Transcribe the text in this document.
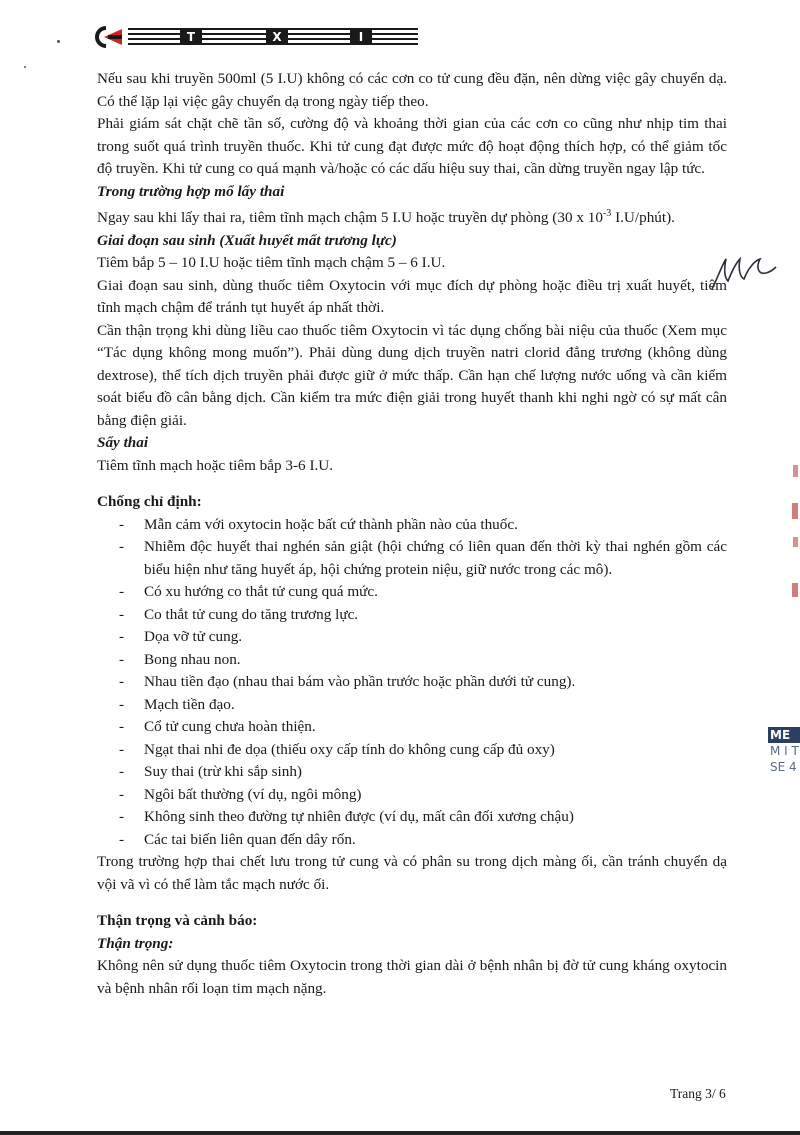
T	X	I

Nếu sau khi truyền 500ml (5 I.U) không có các cơn co tử cung đều đặn, nên dừng việc gây chuyển dạ. Có thể lặp lại việc gây chuyển dạ trong ngày tiếp theo.

Phải giám sát chặt chẽ tần số, cường độ và khoảng thời gian của các cơn co cũng như nhịp tim thai trong suốt quá trình truyền thuốc. Khi tử cung đạt được mức độ hoạt động thích hợp, có thể giảm tốc độ truyền. Khi tử cung co quá mạnh và/hoặc có các dấu hiệu suy thai, cần dừng truyền ngay lập tức.

Trong trường hợp mổ lấy thai

Ngay sau khi lấy thai ra, tiêm tĩnh mạch chậm 5 I.U hoặc truyền dự phòng (30 x $10^{-3}$ I.U/phút).

Giai đoạn sau sinh (Xuất huyết mất trương lực)

Tiêm bắp 5 – 10 I.U hoặc tiêm tĩnh mạch chậm 5 – 6 I.U.

Giai đoạn sau sinh, dùng thuốc tiêm Oxytocin với mục đích dự phòng hoặc điều trị xuất huyết, tiêm tĩnh mạch chậm để tránh tụt huyết áp nhất thời.

Cần thận trọng khi dùng liều cao thuốc tiêm Oxytocin vì tác dụng chống bài niệu của thuốc (Xem mục “Tác dụng không mong muốn”). Phải dùng dung dịch truyền natri clorid đẳng trương (không dùng dextrose), thể tích dịch truyền phải được giữ ở mức thấp. Cần hạn chế lượng nước uống và cần kiểm soát biểu đồ cân bằng dịch. Cần kiểm tra mức điện giải trong huyết thanh khi nghi ngờ có sự mất cân bằng điện giải.

Sẩy thai

Tiêm tĩnh mạch hoặc tiêm bắp 3-6 I.U.

Chống chỉ định:

- Mẫn cảm với oxytocin hoặc bất cứ thành phần nào của thuốc.
- Nhiễm độc huyết thai nghén sản giật (hội chứng có liên quan đến thời kỳ thai nghén gồm các biểu hiện như tăng huyết áp, hội chứng protein niệu, giữ nước trong các mô).
- Có xu hướng co thắt tử cung quá mức.
- Co thắt tử cung do tăng trương lực.
- Dọa vỡ tử cung.
- Bong nhau non.
- Nhau tiền đạo (nhau thai bám vào phần trước hoặc phần dưới tử cung).
- Mạch tiền đạo.
- Cổ tử cung chưa hoàn thiện.
- Ngạt thai nhi đe dọa (thiếu oxy cấp tính do không cung cấp đủ oxy)
- Suy thai (trừ khi sắp sinh)
- Ngôi bất thường (ví dụ, ngôi mông)
- Không sinh theo đường tự nhiên được (ví dụ, mất cân đối xương chậu)
- Các tai biến liên quan đến dây rốn.

Trong trường hợp thai chết lưu trong tử cung và có phân su trong dịch màng ối, cần tránh chuyển dạ vội vã vì có thể làm tắc mạch nước ối.

Thận trọng và cảnh báo:

Thận trọng:

Không nên sử dụng thuốc tiêm Oxytocin trong thời gian dài ở bệnh nhân bị đờ tử cung kháng oxytocin và bệnh nhân rối loạn tim mạch nặng.

ME
M I T
SE 4
Trang 3/ 6
